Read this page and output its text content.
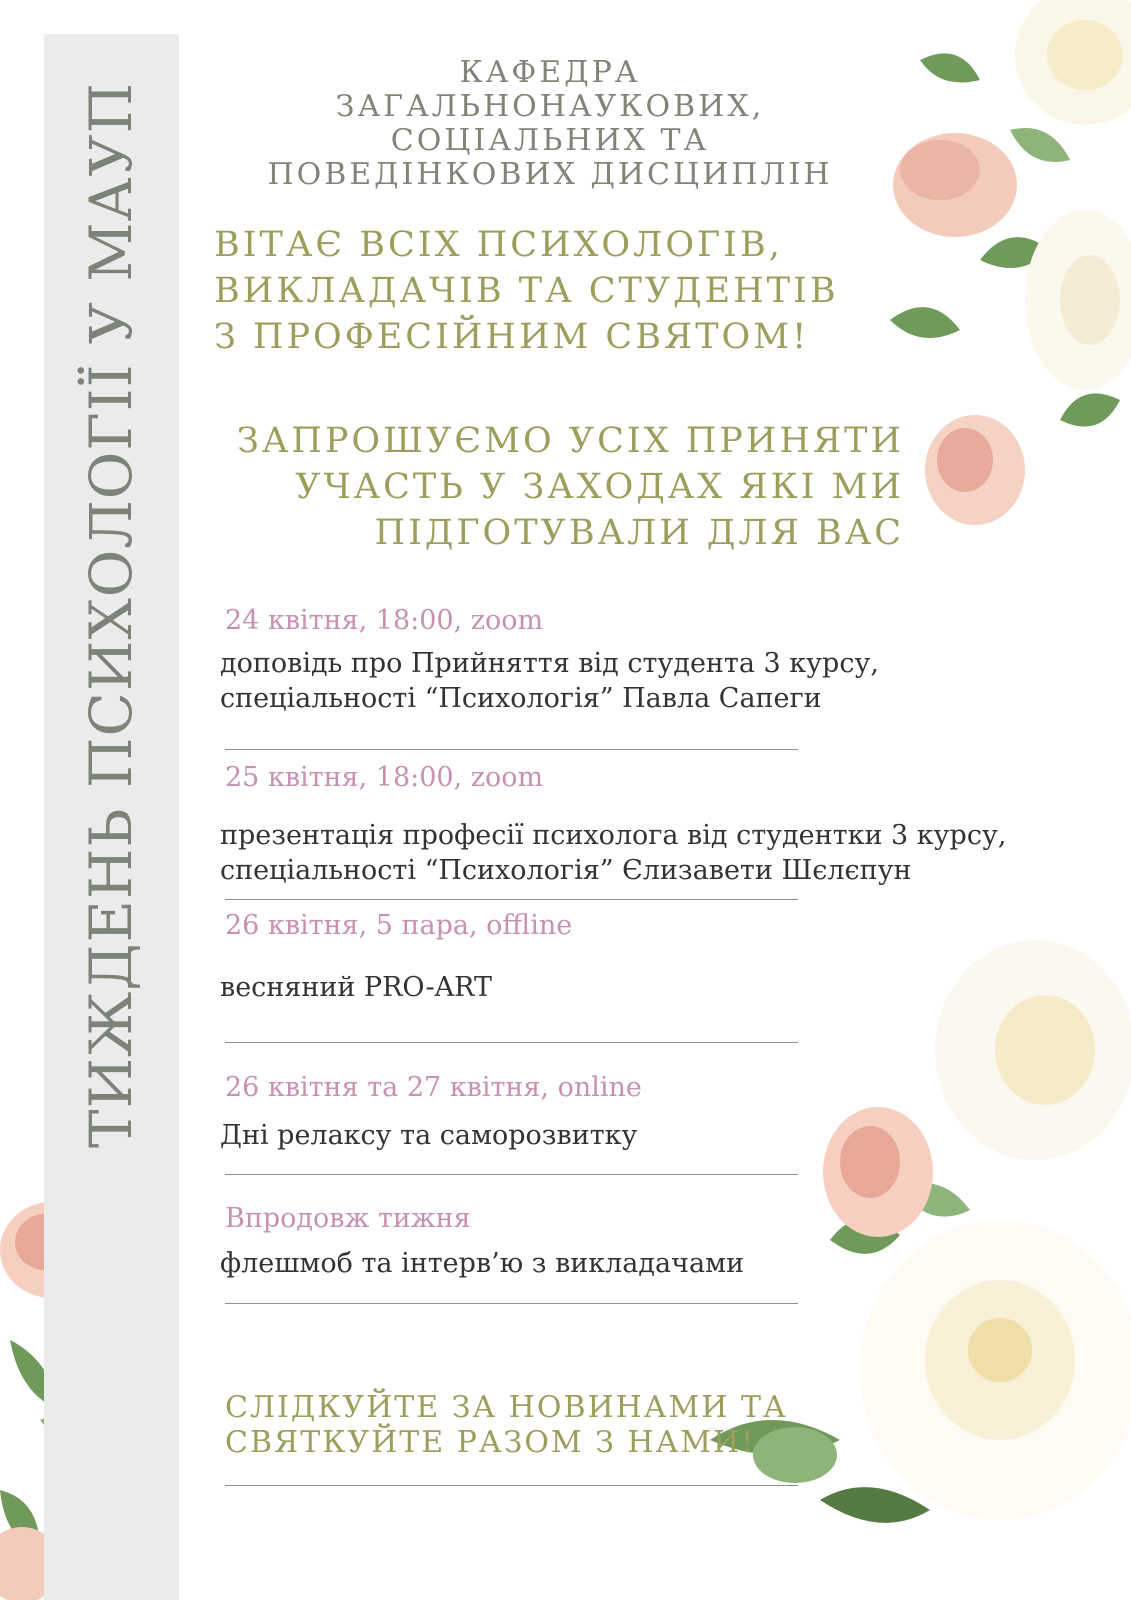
ТИЖДЕНЬ ПСИХОЛОГІЇ У МАУП
КАФЕДРА ЗАГАЛЬНОНАУКОВИХ, СОЦІАЛЬНИХ ТА ПОВЕДІНКОВИХ ДИСЦИПЛІН
ВІТАЄ ВСІХ ПСИХОЛОГІВ,
ВИКЛАДАЧІВ ТА СТУДЕНТІВ
З ПРОФЕСІЙНИМ СВЯТОМ!
ЗАПРОШУЄМО УСІХ ПРИНЯТИ
УЧАСТЬ У ЗАХОДАХ ЯКІ МИ
ПІДГОТУВАЛИ ДЛЯ ВАС
24 квітня, 18:00, zoom
доповідь про Прийняття від студента 3 курсу,
спеціальності “Психологія” Павла Сапеги
25 квітня, 18:00, zoom
презентація професії психолога від студентки 3 курсу,
спеціальності “Психологія” Єлизавети Шєлєпун
26 квітня, 5 пара, offline
весняний PRO-ART
26 квітня та 27 квітня, online
Дні релаксу та саморозвитку
Впродовж тижня
флешмоб та інтерв’ю з викладачами

СЛІДКУЙТЕ ЗА НОВИНАМИ ТА
СВЯТКУЙТЕ РАЗОМ З НАМИ!
